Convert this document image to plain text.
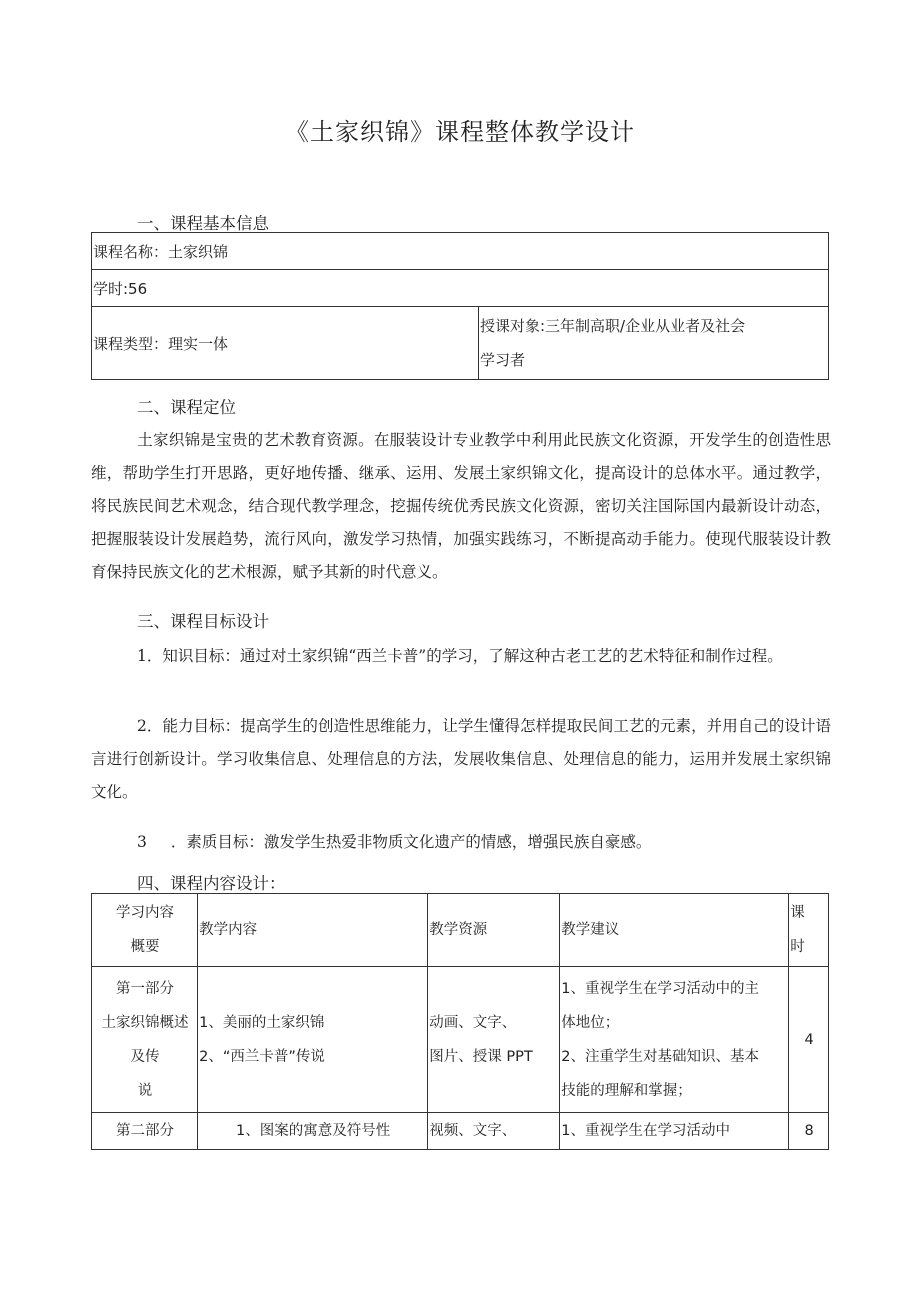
《土家织锦》课程整体教学设计
一、课程基本信息
课程名称：土家织锦
学时:56
课程类型：理实一体	
授课对象:三年制高职/企业从业者及社会
学习者
二、课程定位
土家织锦是宝贵的艺术教育资源。在服装设计专业教学中利用此民族文化资源，开发学生的创造性思维，帮助学生打开思路，更好地传播、继承、运用、发展土家织锦文化，提高设计的总体水平。通过教学，将民族民间艺术观念，结合现代教学理念，挖掘传统优秀民族文化资源，密切关注国际国内最新设计动态，把握服装设计发展趋势，流行风向，激发学习热情，加强实践练习，不断提高动手能力。使现代服装设计教育保持民族文化的艺术根源，赋予其新的时代意义。
三、课程目标设计
1．知识目标：通过对土家织锦“西兰卡普”的学习，了解这种古老工艺的艺术特征和制作过程。
2．能力目标：提高学生的创造性思维能力，让学生懂得怎样提取民间工艺的元素，并用自己的设计语言进行创新设计。学习收集信息、处理信息的方法，发展收集信息、处理信息的能力，运用并发展土家织锦文化。
3 ．素质目标：激发学生热爱非物质文化遗产的情感，增强民族自豪感。
四、课程内容设计：
学习内容
概要	教学内容	教学资源	教学建议	课
时

第一部分
土家织锦概述
及传
说	1、美丽的土家织锦
2、“西兰卡普”传说	动画、文字、
图片、授课 PPT	1、重视学生在学习活动中的主
体地位；
2、注重学生对基础知识、基本
技能的理解和掌握；	4
第二部分	1、图案的寓意及符号性	视频、文字、	1、重视学生在学习活动中	8
